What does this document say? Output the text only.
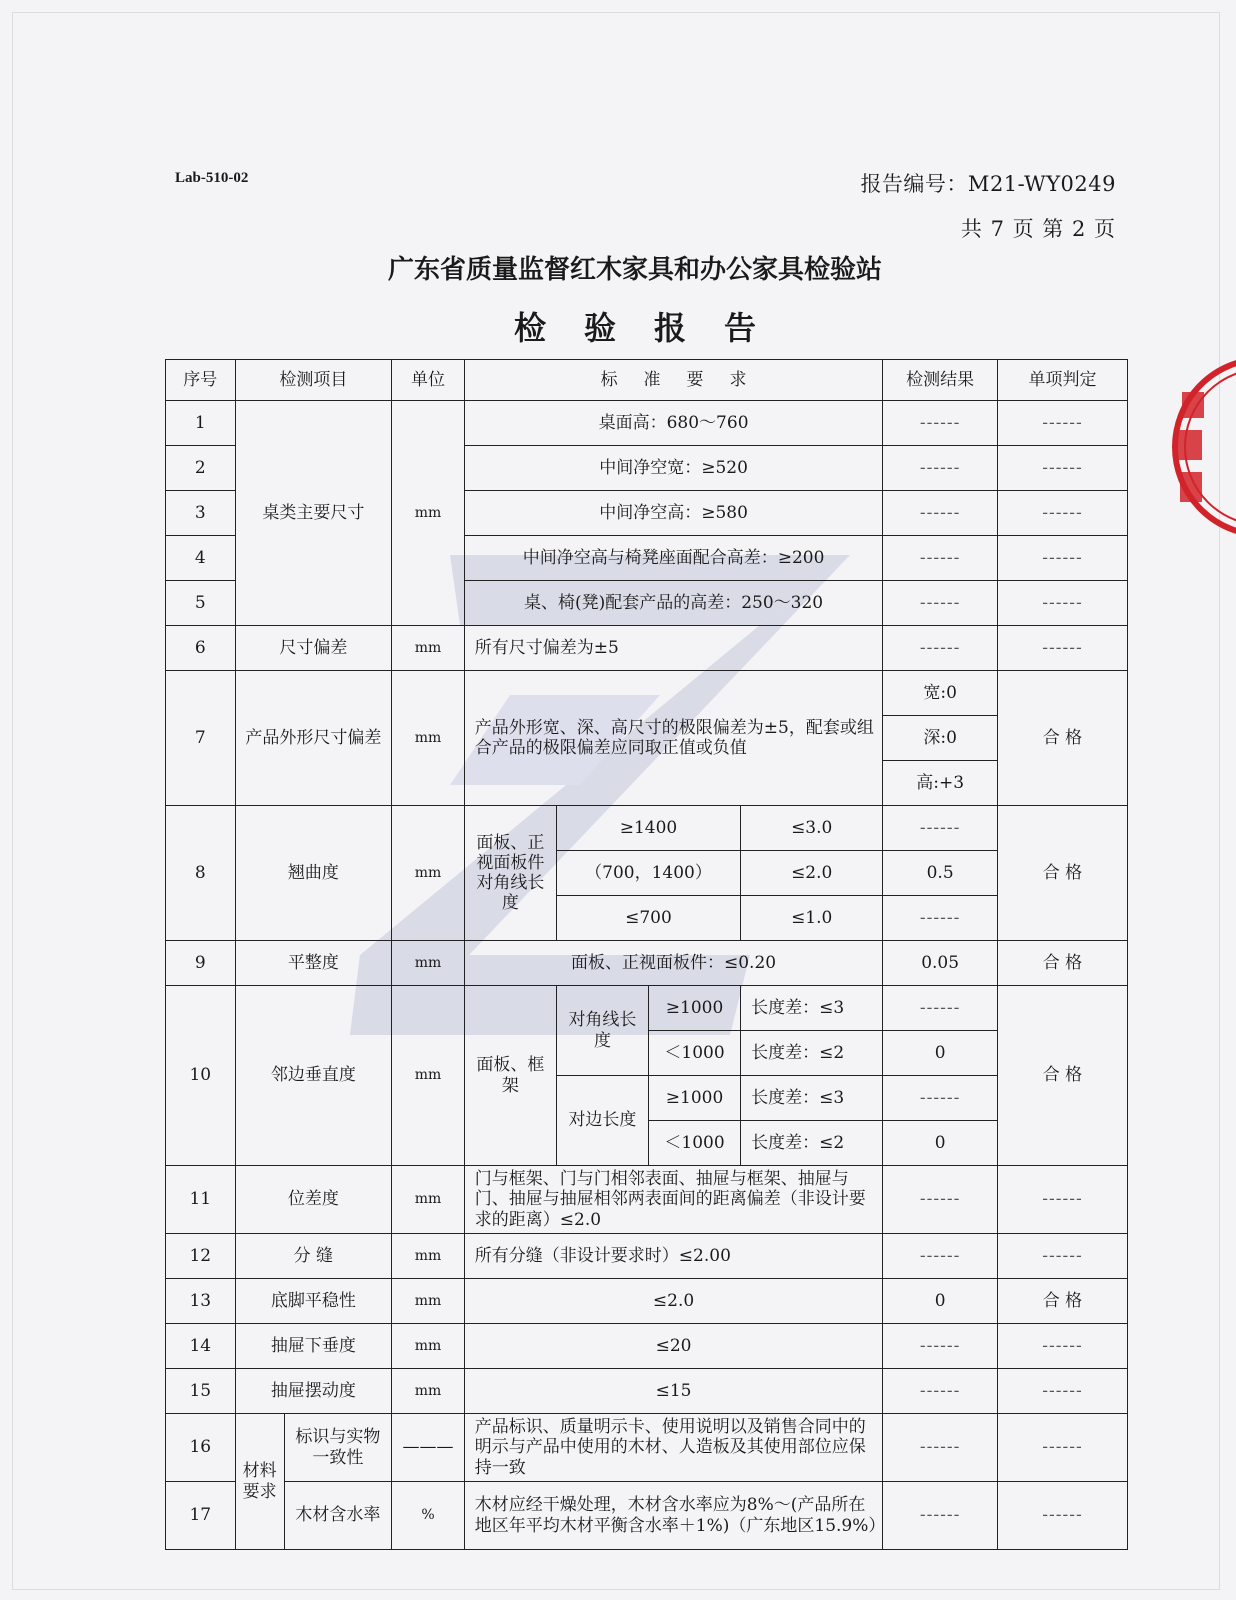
Lab-510-02	报告编号：M21-WY0249
共 7 页 第 2 页
广东省质量监督红木家具和办公家具检验站
检验报告
序号	检测项目		单位	标准要求				检测结果	单项判定
1	桌类主要尺寸		mm	桌面高：680～760				------	------
2				中间净空宽：≥520				------	------
3				中间净空高：≥580				------	------
4				中间净空高与椅凳座面配合高差：≥200				------	------
5				桌、椅(凳)配套产品的高差：250～320				------	------
6	尺寸偏差		mm	所有尺寸偏差为±5				------	------
7	产品外形尺寸偏差		mm	产品外形宽、深、高尺寸的极限偏差为±5，配套或组合产品的极限偏差应同取正值或负值				宽:0	合 格
								深:0	
								高:+3	
8	翘曲度		mm	面板、正视面板件对角线长度	≥1400		≤3.0	------	合 格
					（700，1400）		≤2.0	0.5	
					≤700		≤1.0	------	
9	平整度		mm	面板、正视面板件：≤0.20				0.05	合 格
10	邻边垂直度		mm	面板、框架	对角线长度	≥1000	长度差：≤3	------	合 格
						＜1000	长度差：≤2	0	
					对边长度	≥1000	长度差：≤3	------	
						＜1000	长度差：≤2	0	
11	位差度		mm	门与框架、门与门相邻表面、抽屉与框架、抽屉与门、抽屉与抽屉相邻两表面间的距离偏差（非设计要求的距离）≤2.0				------	------
12	分 缝		mm	所有分缝（非设计要求时）≤2.00				------	------
13	底脚平稳性		mm	≤2.0				0	合 格
14	抽屉下垂度		mm	≤20				------	------
15	抽屉摆动度		mm	≤15				------	------
16	材料要求	标识与实物一致性	———	产品标识、质量明示卡、使用说明以及销售合同中的明示与产品中使用的木材、人造板及其使用部位应保持一致				------	------
17		木材含水率	%	木材应经干燥处理，木材含水率应为8%～(产品所在地区年平均木材平衡含水率＋1%)（广东地区15.9%）				------	------
